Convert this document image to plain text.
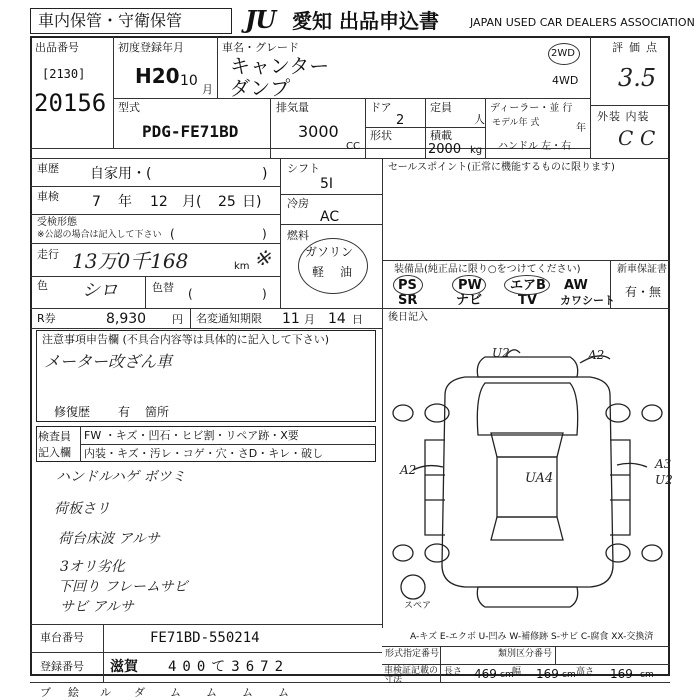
車内保管・守衛保管	JU 愛知 出品申込書	JAPAN USED CAR DEALERS ASSOCIATION
出品番号
[2130]
20156
初度登録年月
H20 10
月
車名・グレード
キャンター
ダンプ
2WD
4WD
評価点
3.5
外装 内装
C C
型式
PDG-FE71BD
排気量
3000
CC
ドア
2
定員
人
形状	積載
2000 kg
ディーラー・並 行
モデル年 式	年
ハンドル 左・右
車歴 自家用・(	)
車検 7 年 12 月( 25 日)
受検形態
※公認の場合は記入して下さい (	)
走行 13万0千168	km ※
色 シロ	色替 (	)
シフト
5I
冷房
AC
燃料
ガソリン
軽 油
セールスポイント(正常に機能するものに限ります)
装備品(純正品に限り○をつけてください)
PS	PW エアB AW
SR	ナビ	TV カワシート
新車保証書
有・無
R券	8,930 円 名変通知期限 11 月 14 日	後日記入
注意事項申告欄 (不具合内容等は具体的に記入して下さい)
メーター改ざん車
修復歴 有 箇所
検査員
記入欄
FW ・キズ・凹石・ヒビ割・リペア跡・X要
内装・キズ・汚レ・コゲ・穴・さD・キレ・破し
ハンドルハゲ ボツミ
荷板さリ
荷台床波 アルサ
3オリ劣化
下回り フレームサビ
サビ アルサ
U2	A2
A2
UA4
A3
U2
スペア
A-キズ E-エクボ U-凹み W-補修跡 S-サビ C-腐食 XX-交換済
車台番号	FE71BD-550214
登録番号 滋賀 400て3672
形式指定番号	類別区分番号
車検証記載の寸法
長さ 469 cm
幅 169 cm 高さ 169 cm
ブ 絵 ル ダ ム ム ム ム
